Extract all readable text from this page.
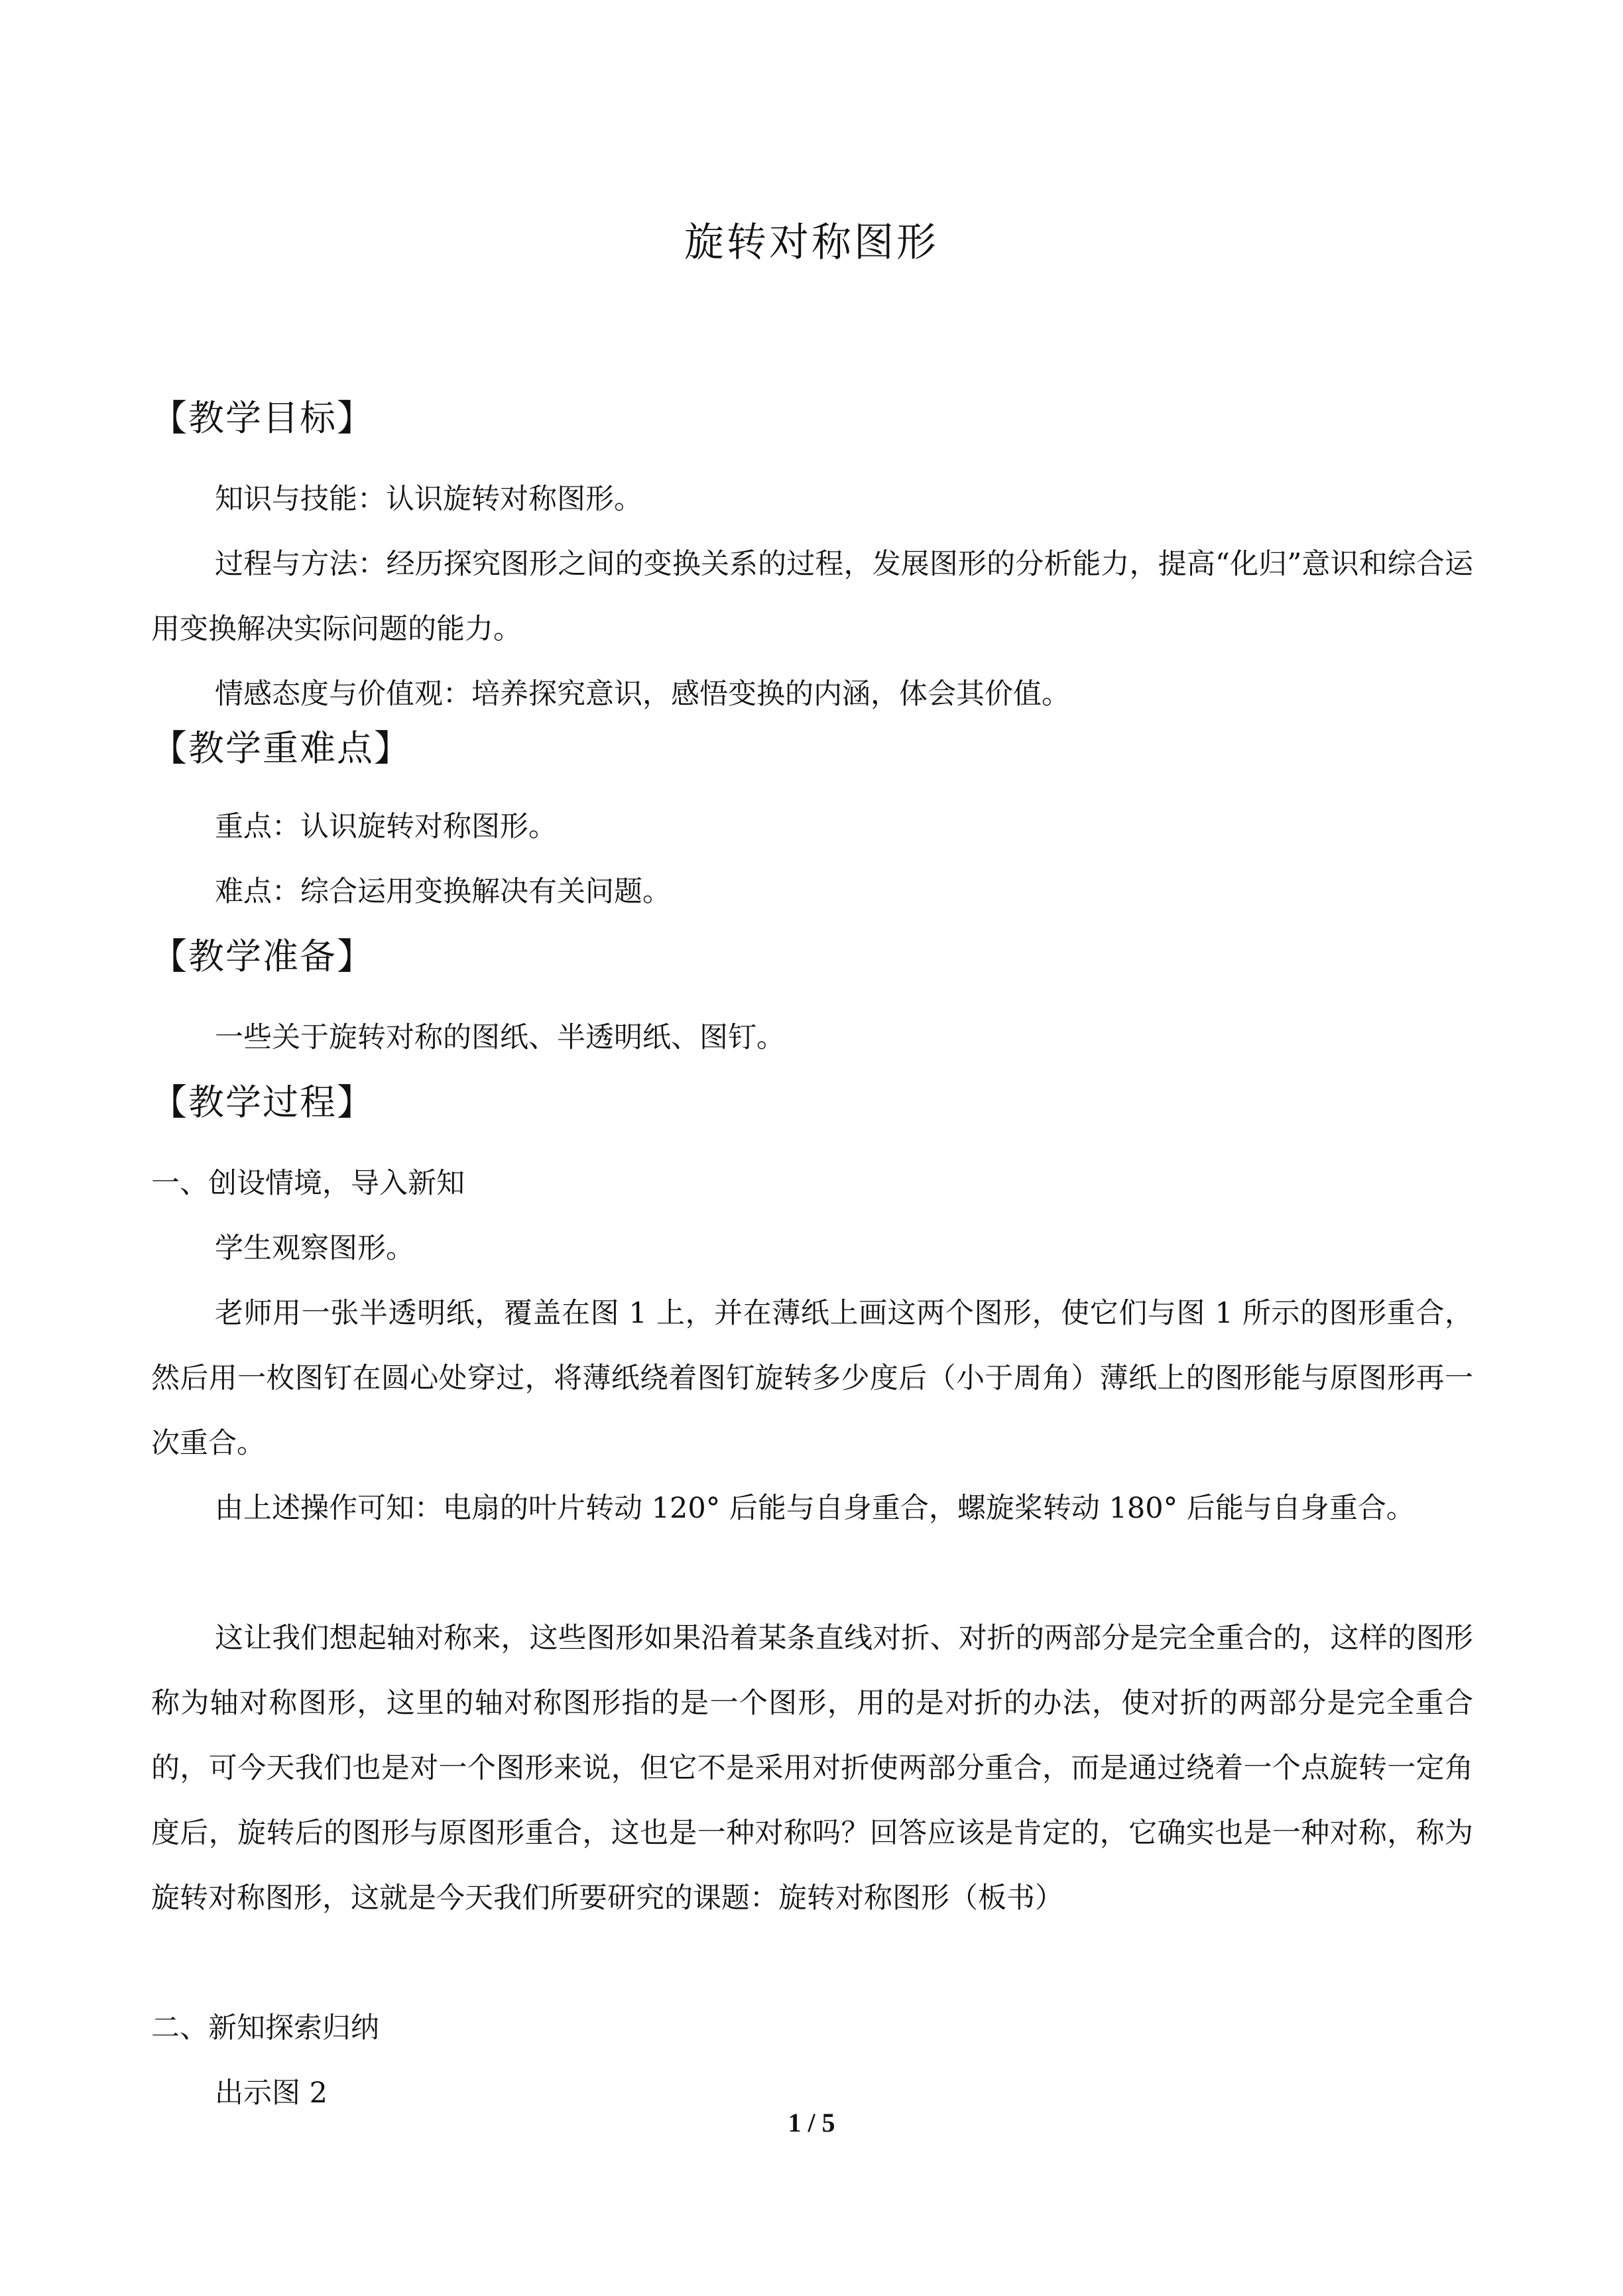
旋转对称图形
【教学目标】
知识与技能：认识旋转对称图形。
过程与方法：经历探究图形之间的变换关系的过程，发展图形的分析能力，提高“化归”意识和综合运用变换解决实际问题的能力。
情感态度与价值观：培养探究意识，感悟变换的内涵，体会其价值。
【教学重难点】
重点：认识旋转对称图形。
难点：综合运用变换解决有关问题。
【教学准备】
一些关于旋转对称的图纸、半透明纸、图钉。
【教学过程】
一、创设情境，导入新知
学生观察图形。
老师用一张半透明纸，覆盖在图 1 上，并在薄纸上画这两个图形，使它们与图 1 所示的图形重合，然后用一枚图钉在圆心处穿过，将薄纸绕着图钉旋转多少度后（小于周角）薄纸上的图形能与原图形再一次重合。
由上述操作可知：电扇的叶片转动 120° 后能与自身重合，螺旋桨转动 180° 后能与自身重合。
这让我们想起轴对称来，这些图形如果沿着某条直线对折、对折的两部分是完全重合的，这样的图形称为轴对称图形，这里的轴对称图形指的是一个图形，用的是对折的办法，使对折的两部分是完全重合的，可今天我们也是对一个图形来说，但它不是采用对折使两部分重合，而是通过绕着一个点旋转一定角度后，旋转后的图形与原图形重合，这也是一种对称吗？回答应该是肯定的，它确实也是一种对称，称为旋转对称图形，这就是今天我们所要研究的课题：旋转对称图形（板书）
二、新知探索归纳
出示图 2
1 / 5
